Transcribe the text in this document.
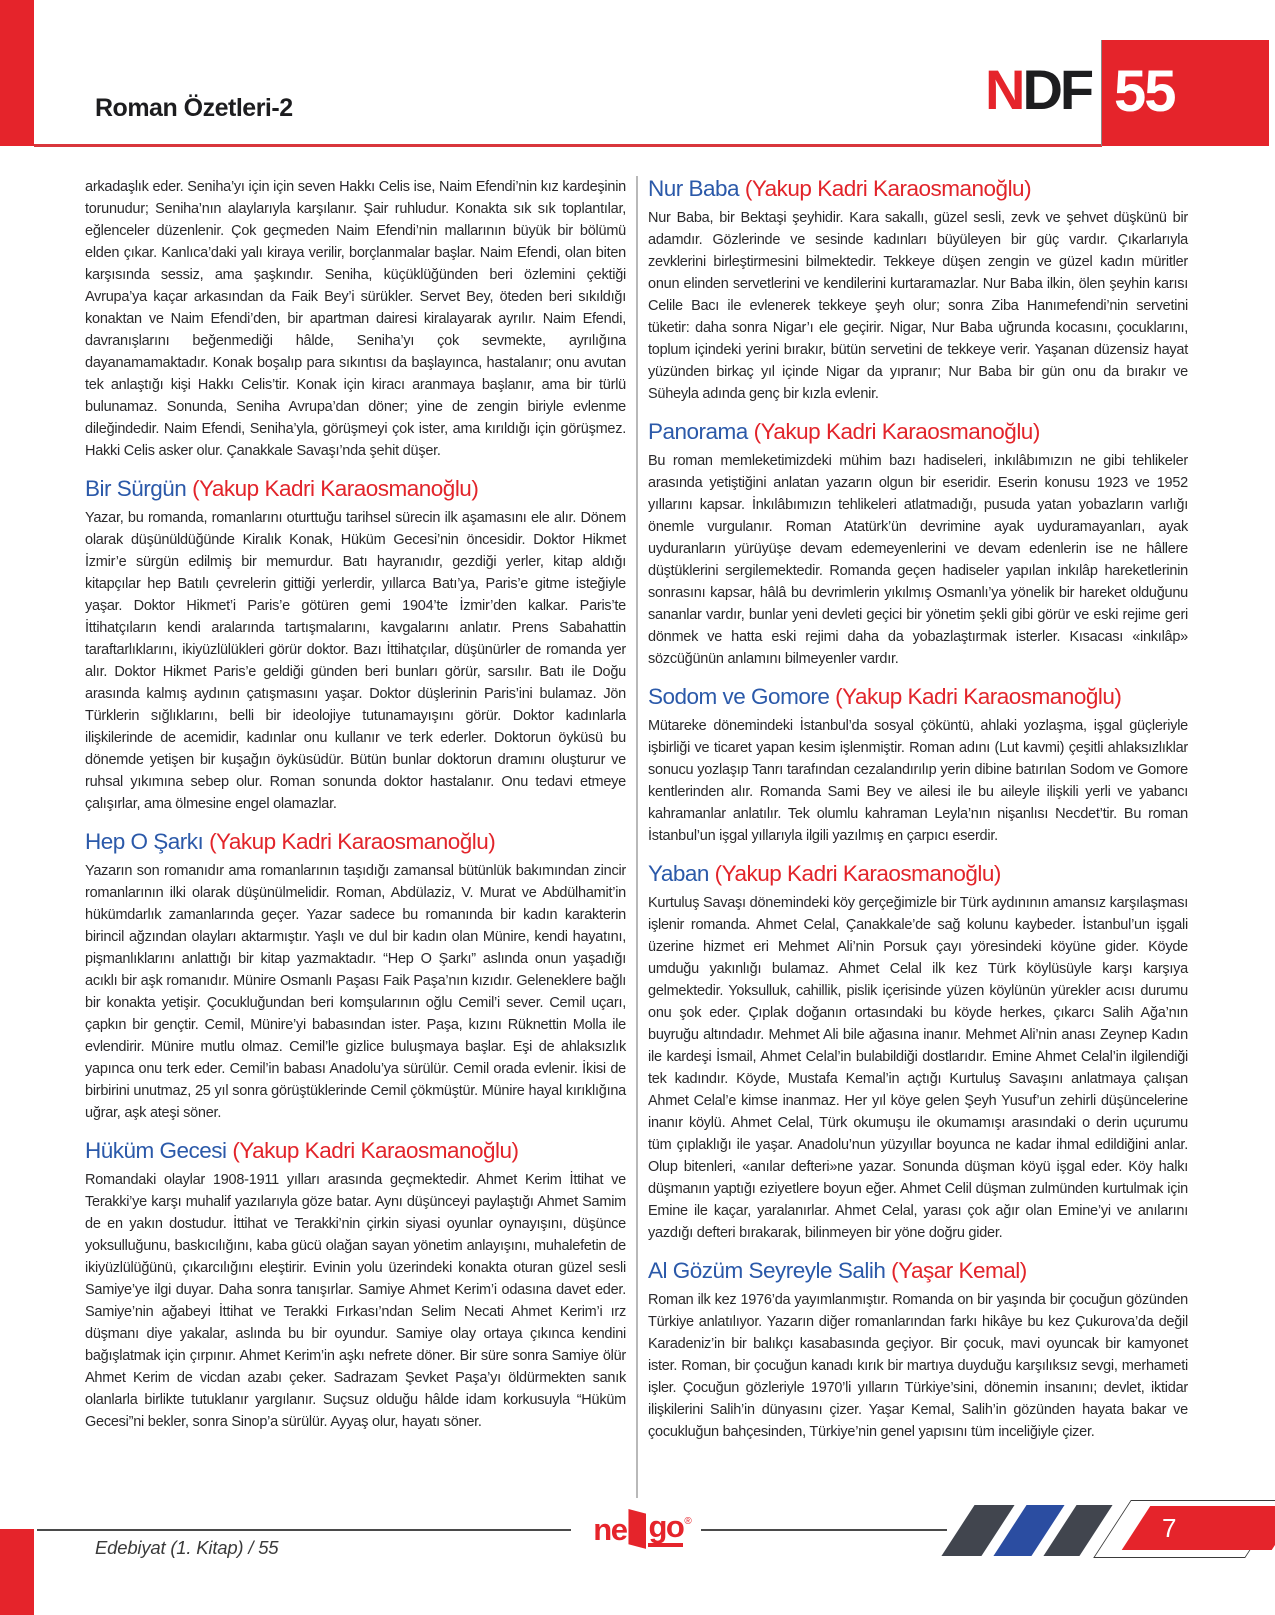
Roman Özetleri-2	NDF 55

arkadaşlık eder. Seniha’yı için için seven Hakkı Celis ise, Naim Efendi’nin kız kardeşinin torunudur; Seniha’nın alaylarıyla karşılanır. Şair ruhludur. Konakta sık sık toplantılar, eğlenceler düzenlenir. Çok geçmeden Naim Efendi’nin mallarının büyük bir bölümü elden çıkar. Kanlıca’daki yalı kiraya verilir, borçlanmalar başlar. Naim Efendi, olan biten karşısında sessiz, ama şaşkındır. Seniha, küçüklüğünden beri özlemini çektiği Avrupa’ya kaçar arkasından da Faik Bey’i sürükler. Servet Bey, öteden beri sıkıldığı konaktan ve Naim Efendi’den, bir apartman dairesi kiralayarak ayrılır. Naim Efendi, davranışlarını beğenmediği hâlde, Seniha’yı çok sevmekte, ayrılığına dayanamamaktadır. Konak boşalıp para sıkıntısı da başlayınca, hastalanır; onu avutan tek anlaştığı kişi Hakkı Celis’tir. Konak için kiracı aranmaya başlanır, ama bir türlü bulunamaz. Sonunda, Seniha Avrupa’dan döner; yine de zengin biriyle evlenme dileğindedir. Naim Efendi, Seniha’yla, görüşmeyi çok ister, ama kırıldığı için görüşmez. Hakki Celis asker olur. Çanakkale Savaşı’nda şehit düşer.

Bir Sürgün (Yakup Kadri Karaosmanoğlu)

Yazar, bu romanda, romanlarını oturttuğu tarihsel sürecin ilk aşamasını ele alır. Dönem olarak düşünüldüğünde Kiralık Konak, Hüküm Gecesi’nin öncesidir. Doktor Hikmet İzmir’e sürgün edilmiş bir memurdur. Batı hayranıdır, gezdiği yerler, kitap aldığı kitapçılar hep Batılı çevrelerin gittiği yerlerdir, yıllarca Batı’ya, Paris’e gitme isteğiyle yaşar. Doktor Hikmet’i Paris’e götüren gemi 1904’te İzmir’den kalkar. Paris’te İttihatçıların kendi aralarında tartışmalarını, kavgalarını anlatır. Prens Sabahattin taraftarlıklarını, ikiyüzlülükleri görür doktor. Bazı İttihatçılar, düşünürler de romanda yer alır. Doktor Hikmet Paris’e geldiği günden beri bunları görür, sarsılır. Batı ile Doğu arasında kalmış aydının çatışmasını yaşar. Doktor düşlerinin Paris’ini bulamaz. Jön Türklerin sığlıklarını, belli bir ideolojiye tutunamayışını görür. Doktor kadınlarla ilişkilerinde de acemidir, kadınlar onu kullanır ve terk ederler. Doktorun öyküsü bu dönemde yetişen bir kuşağın öyküsüdür. Bütün bunlar doktorun dramını oluşturur ve ruhsal yıkımına sebep olur. Roman sonunda doktor hastalanır. Onu tedavi etmeye çalışırlar, ama ölmesine engel olamazlar.

Hep O Şarkı (Yakup Kadri Karaosmanoğlu)

Yazarın son romanıdır ama romanlarının taşıdığı zamansal bütünlük bakımından zincir romanlarının ilki olarak düşünülmelidir. Roman, Abdülaziz, V. Murat ve Abdülhamit’in hükümdarlık zamanlarında geçer. Yazar sadece bu romanında bir kadın karakterin birincil ağzından olayları aktarmıştır. Yaşlı ve dul bir kadın olan Münire, kendi hayatını, pişmanlıklarını anlattığı bir kitap yazmaktadır. “Hep O Şarkı” aslında onun yaşadığı acıklı bir aşk romanıdır. Münire Osmanlı Paşası Faik Paşa’nın kızıdır. Geleneklere bağlı bir konakta yetişir. Çocukluğundan beri komşularının oğlu Cemil’i sever. Cemil uçarı, çapkın bir gençtir. Cemil, Münire’yi babasından ister. Paşa, kızını Rüknettin Molla ile evlendirir. Münire mutlu olmaz. Cemil’le gizlice buluşmaya başlar. Eşi de ahlaksızlık yapınca onu terk eder. Cemil’in babası Anadolu’ya sürülür. Cemil orada evlenir. İkisi de birbirini unutmaz, 25 yıl sonra görüştüklerinde Cemil çökmüştür. Münire hayal kırıklığına uğrar, aşk ateşi söner.

Hüküm Gecesi (Yakup Kadri Karaosmanoğlu)

Romandaki olaylar 1908-1911 yılları arasında geçmektedir. Ahmet Kerim İttihat ve Terakki’ye karşı muhalif yazılarıyla göze batar. Aynı düşünceyi paylaştığı Ahmet Samim de en yakın dostudur. İttihat ve Terakki’nin çirkin siyasi oyunlar oynayışını, düşünce yoksulluğunu, baskıcılığını, kaba gücü olağan sayan yönetim anlayışını, muhalefetin de ikiyüzlülüğünü, çıkarcılığını eleştirir. Evinin yolu üzerindeki konakta oturan güzel sesli Samiye’ye ilgi duyar. Daha sonra tanışırlar. Samiye Ahmet Kerim’i odasına davet eder. Samiye’nin ağabeyi İttihat ve Terakki Fırkası’ndan Selim Necati Ahmet Kerim’i ırz düşmanı diye yakalar, aslında bu bir oyundur. Samiye olay ortaya çıkınca kendini bağışlatmak için çırpınır. Ahmet Kerim’in aşkı nefrete döner. Bir süre sonra Samiye ölür Ahmet Kerim de vicdan azabı çeker. Sadrazam Şevket Paşa’yı öldürmekten sanık olanlarla birlikte tutuklanır yargılanır. Suçsuz olduğu hâlde idam korkusuyla “Hüküm Gecesi”ni bekler, sonra Sinop’a sürülür. Ayyaş olur, hayatı söner.

Nur Baba (Yakup Kadri Karaosmanoğlu)

Nur Baba, bir Bektaşi şeyhidir. Kara sakallı, güzel sesli, zevk ve şehvet düşkünü bir adamdır. Gözlerinde ve sesinde kadınları büyüleyen bir güç vardır. Çıkarlarıyla zevklerini birleştirmesini bilmektedir. Tekkeye düşen zengin ve güzel kadın müritler onun elinden servetlerini ve kendilerini kurtaramazlar. Nur Baba ilkin, ölen şeyhin karısı Celile Bacı ile evlenerek tekkeye şeyh olur; sonra Ziba Hanımefendi’nin servetini tüketir: daha sonra Nigar’ı ele geçirir. Nigar, Nur Baba uğrunda kocasını, çocuklarını, toplum içindeki yerini bırakır, bütün servetini de tekkeye verir. Yaşanan düzensiz hayat yüzünden birkaç yıl içinde Nigar da yıpranır; Nur Baba bir gün onu da bırakır ve Süheyla adında genç bir kızla evlenir.

Panorama (Yakup Kadri Karaosmanoğlu)

Bu roman memleketimizdeki mühim bazı hadiseleri, inkılâbımızın ne gibi tehlikeler arasında yetiştiğini anlatan yazarın olgun bir eseridir. Eserin konusu 1923 ve 1952 yıllarını kapsar. İnkılâbımızın tehlikeleri atlatmadığı, pusuda yatan yobazların varlığı önemle vurgulanır. Roman Atatürk’ün devrimine ayak uyduramayanları, ayak uyduranların yürüyüşe devam edemeyenlerini ve devam edenlerin ise ne hâllere düştüklerini sergilemektedir. Romanda geçen hadiseler yapılan inkılâp hareketlerinin sonrasını kapsar, hâlâ bu devrimlerin yıkılmış Osmanlı’ya yönelik bir hareket olduğunu sananlar vardır, bunlar yeni devleti geçici bir yönetim şekli gibi görür ve eski rejime geri dönmek ve hatta eski rejimi daha da yobazlaştırmak isterler. Kısacası «inkılâp» sözcüğünün anlamını bilmeyenler vardır.

Sodom ve Gomore (Yakup Kadri Karaosmanoğlu)

Mütareke dönemindeki İstanbul’da sosyal çöküntü, ahlaki yozlaşma, işgal güçleriyle işbirliği ve ticaret yapan kesim işlenmiştir. Roman adını (Lut kavmi) çeşitli ahlaksızlıklar sonucu yozlaşıp Tanrı tarafından cezalandırılıp yerin dibine batırılan Sodom ve Gomore kentlerinden alır. Romanda Sami Bey ve ailesi ile bu aileyle ilişkili yerli ve yabancı kahramanlar anlatılır. Tek olumlu kahraman Leyla’nın nişanlısı Necdet’tir. Bu roman İstanbul’un işgal yıllarıyla ilgili yazılmış en çarpıcı eserdir.

Yaban (Yakup Kadri Karaosmanoğlu)

Kurtuluş Savaşı dönemindeki köy gerçeğimizle bir Türk aydınının amansız karşılaşması işlenir romanda. Ahmet Celal, Çanakkale’de sağ kolunu kaybeder. İstanbul’un işgali üzerine hizmet eri Mehmet Ali’nin Porsuk çayı yöresindeki köyüne gider. Köyde umduğu yakınlığı bulamaz. Ahmet Celal ilk kez Türk köylüsüyle karşı karşıya gelmektedir. Yoksulluk, cahillik, pislik içerisinde yüzen köylünün yürekler acısı durumu onu şok eder. Çıplak doğanın ortasındaki bu köyde herkes, çıkarcı Salih Ağa’nın buyruğu altındadır. Mehmet Ali bile ağasına inanır. Mehmet Ali’nin anası Zeynep Kadın ile kardeşi İsmail, Ahmet Celal’in bulabildiği dostlarıdır. Emine Ahmet Celal’in ilgilendiği tek kadındır. Köyde, Mustafa Kemal’in açtığı Kurtuluş Savaşını anlatmaya çalışan Ahmet Celal’e kimse inanmaz. Her yıl köye gelen Şeyh Yusuf’un zehirli düşüncelerine inanır köylü. Ahmet Celal, Türk okumuşu ile okumamışı arasındaki o derin uçurumu tüm çıplaklığı ile yaşar. Anadolu’nun yüzyıllar boyunca ne kadar ihmal edildiğini anlar. Olup bitenleri, «anılar defteri»ne yazar. Sonunda düşman köyü işgal eder. Köy halkı düşmanın yaptığı eziyetlere boyun eğer. Ahmet Celil düşman zulmünden kurtulmak için Emine ile kaçar, yaralanırlar. Ahmet Celal, yarası çok ağır olan Emine’yi ve anılarını yazdığı defteri bırakarak, bilinmeyen bir yöne doğru gider.

Al Gözüm Seyreyle Salih (Yaşar Kemal)

Roman ilk kez 1976’da yayımlanmıştır. Romanda on bir yaşında bir çocuğun gözünden Türkiye anlatılıyor. Yazarın diğer romanlarından farkı hikâye bu kez Çukurova’da değil Karadeniz’in bir balıkçı kasabasında geçiyor. Bir çocuk, mavi oyuncak bir kamyonet ister. Roman, bir çocuğun kanadı kırık bir martıya duyduğu karşılıksız sevgi, merhameti işler. Çocuğun gözleriyle 1970’li yılların Türkiye’sini, dönemin insanını; devlet, iktidar ilişkilerini Salih’in dünyasını çizer. Yaşar Kemal, Salih’in gözünden hayata bakar ve çocukluğun bahçesinden, Türkiye’nin genel yapısını tüm inceliğiyle çizer.

Edebiyat (1. Kitap) / 55
ne go ®	7
